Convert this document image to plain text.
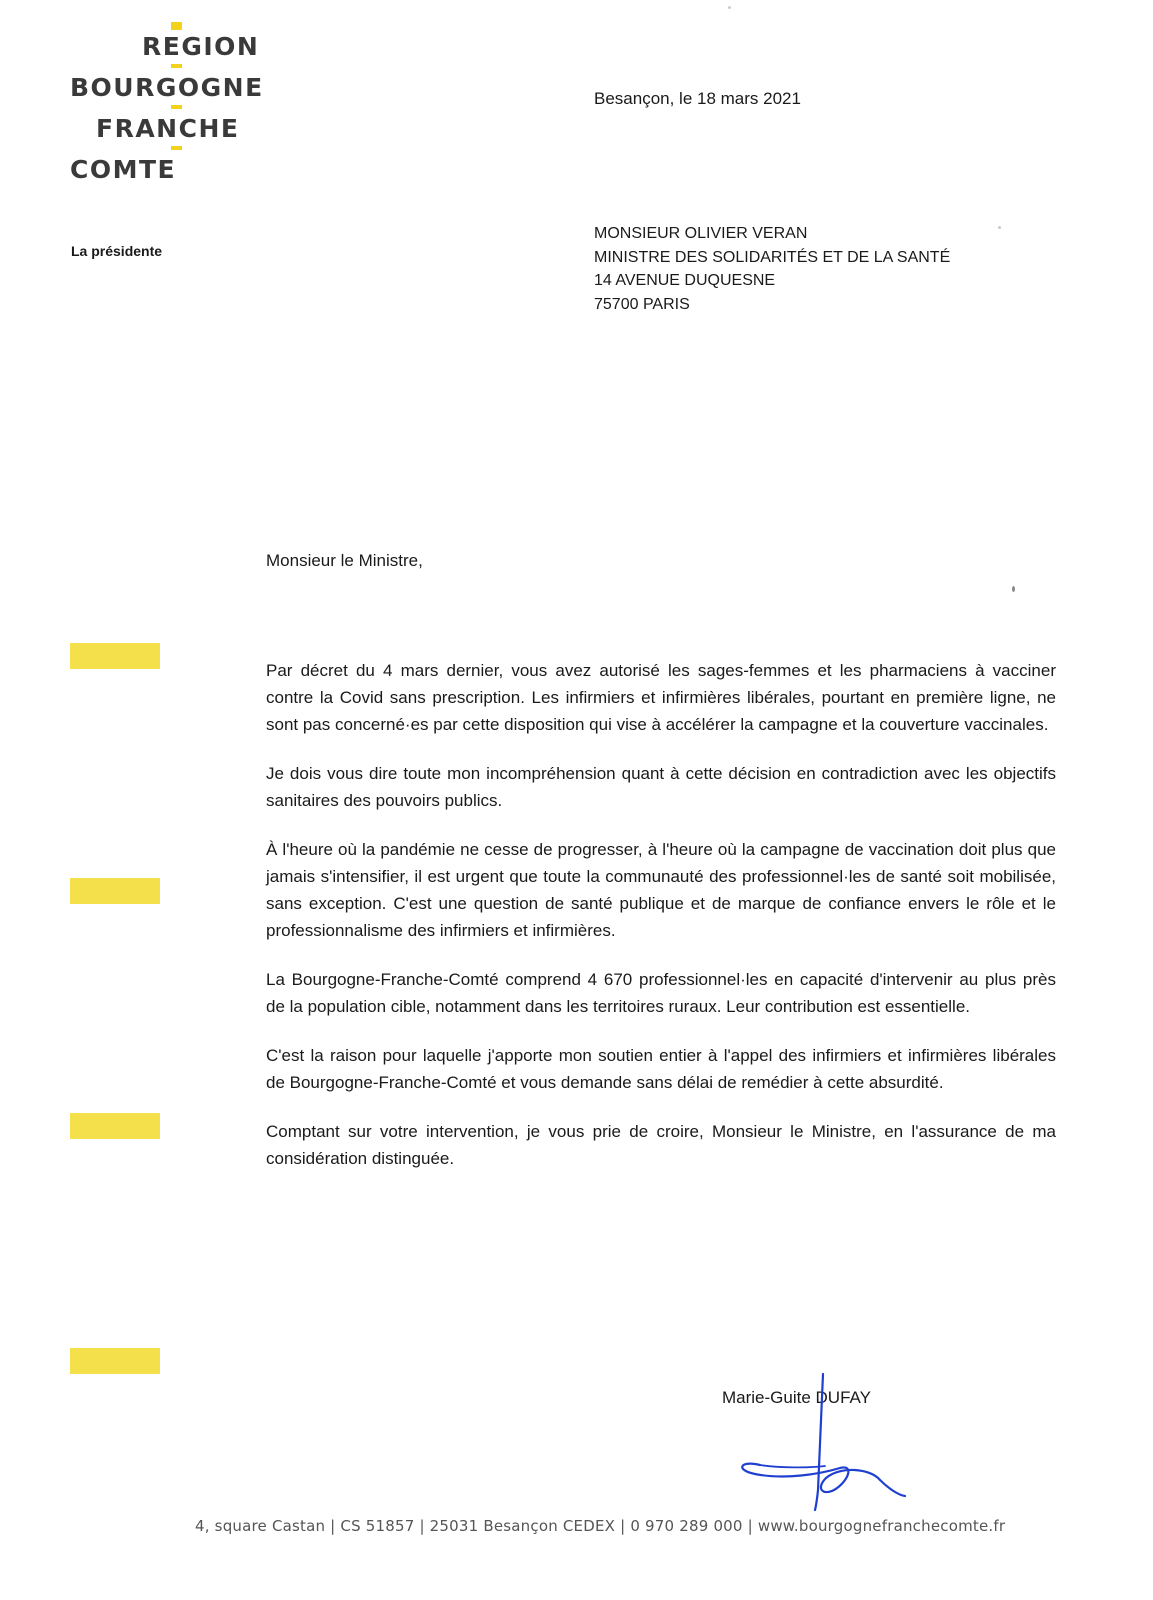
REGION
BOURGOGNE
FRANCHE
COMTE
La présidente
Besançon, le 18 mars 2021
MONSIEUR OLIVIER VERAN
MINISTRE DES SOLIDARITÉS ET DE LA SANTÉ
14 AVENUE DUQUESNE
75700 PARIS
Monsieur le Ministre,

Par décret du 4 mars dernier, vous avez autorisé les sages-femmes et les pharmaciens à vacciner contre la Covid sans prescription. Les infirmiers et infirmières libérales, pourtant en première ligne, ne sont pas concerné·es par cette disposition qui vise à accélérer la campagne et la couverture vaccinales.

Je dois vous dire toute mon incompréhension quant à cette décision en contradiction avec les objectifs sanitaires des pouvoirs publics.

À l'heure où la pandémie ne cesse de progresser, à l'heure où la campagne de vaccination doit plus que jamais s'intensifier, il est urgent que toute la communauté des professionnel·les de santé soit mobilisée, sans exception. C'est une question de santé publique et de marque de confiance envers le rôle et le professionnalisme des infirmiers et infirmières.

La Bourgogne-Franche-Comté comprend 4 670 professionnel·les en capacité d'intervenir au plus près de la population cible, notamment dans les territoires ruraux. Leur contribution est essentielle.

C'est la raison pour laquelle j'apporte mon soutien entier à l'appel des infirmiers et infirmières libérales de Bourgogne-Franche-Comté et vous demande sans délai de remédier à cette absurdité.

Comptant sur votre intervention, je vous prie de croire, Monsieur le Ministre, en l'assurance de ma considération distinguée.

Marie-Guite DUFAY
4, square Castan | CS 51857 | 25031 Besançon CEDEX | 0 970 289 000 | www.bourgognefranchecomte.fr
